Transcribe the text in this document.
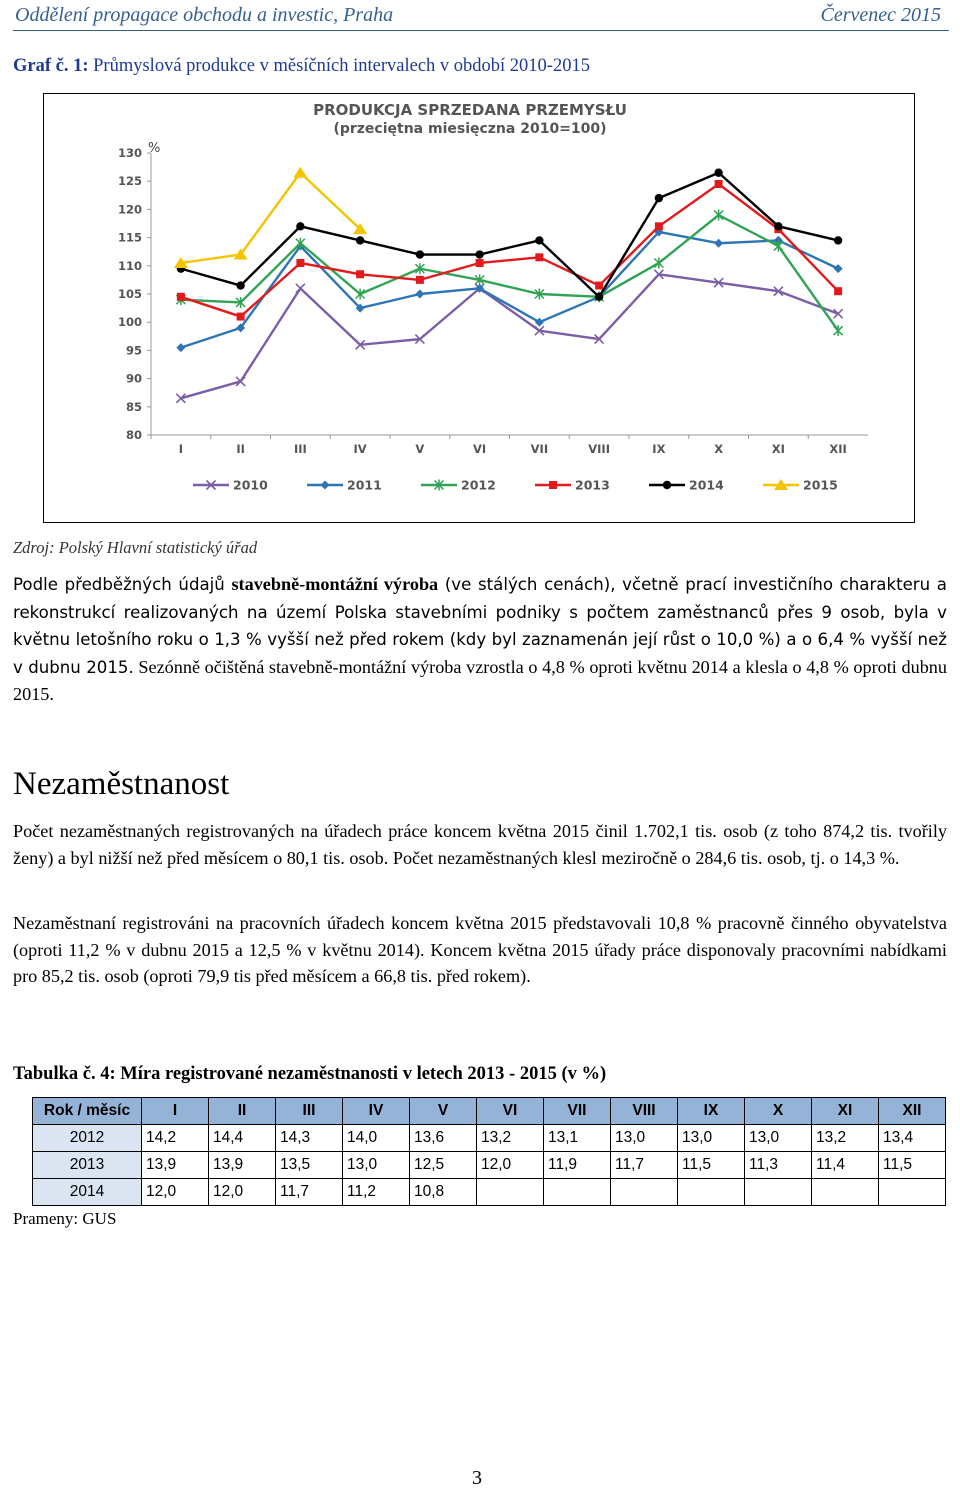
Oddělení propagace obchodu a investic, Praha	Červenec 2015
Graf č. 1: Průmyslová produkce v měsíčních intervalech v období 2010-2015
PRODUKCJA SPRZEDANA PRZEMYSŁU
(przeciętna miesięczna 2010=100)
%
80
85
90
95
100
105
110
115
120
125
130
I	II	III	IV	V	VI	VII	VIII	IX	X	XI	XII
2010	2011	2012	2013	2014	2015
Zdroj: Polský Hlavní statistický úřad
Podle předběžných údajů stavebně-montážní výroba (ve stálých cenách), včetně prací investičního charakteru a rekonstrukcí realizovaných na území Polska stavebními podniky s počtem zaměstnanců přes 9 osob, byla v květnu letošního roku o 1,3 % vyšší než před rokem (kdy byl zaznamenán její růst o 10,0 %) a o 6,4 % vyšší než v dubnu 2015. Sezónně očištěná stavebně-montážní výroba vzrostla o 4,8 % oproti květnu 2014 a klesla o 4,8 % oproti dubnu 2015.
Nezaměstnanost
Počet nezaměstnaných registrovaných na úřadech práce koncem května 2015 činil 1.702,1 tis. osob (z toho 874,2 tis. tvořily ženy) a byl nižší než před měsícem o 80,1 tis. osob. Počet nezaměstnaných klesl meziročně o 284,6 tis. osob, tj. o 14,3 %.
Nezaměstnaní registrováni na pracovních úřadech koncem května 2015 představovali 10,8 % pracovně činného obyvatelstva (oproti 11,2 % v dubnu 2015 a 12,5 % v květnu 2014). Koncem května 2015 úřady práce disponovaly pracovními nabídkami pro 85,2 tis. osob (oproti 79,9 tis před měsícem a 66,8 tis. před rokem).
Tabulka č. 4: Míra registrované nezaměstnanosti v letech 2013 - 2015 (v %)
Rok / měsíc	I	II	III	IV	V	VI	VII	VIII	IX	X	XI	XII
2012	14,2	14,4	14,3	14,0	13,6	13,2	13,1	13,0	13,0	13,0	13,2	13,4
2013	13,9	13,9	13,5	13,0	12,5	12,0	11,9	11,7	11,5	11,3	11,4	11,5
2014	12,0	12,0	11,7	11,2	10,8							
Prameny: GUS
3
